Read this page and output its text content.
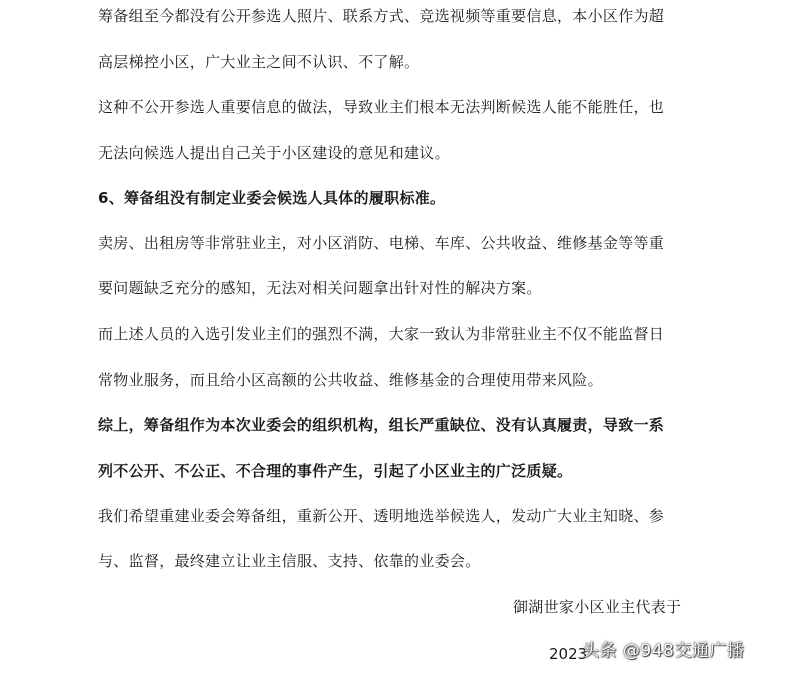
筹备组至今都没有公开参选人照片、联系方式、竞选视频等重要信息，本小区作为超
高层梯控小区，广大业主之间不认识、不了解。
这种不公开参选人重要信息的做法，导致业主们根本无法判断候选人能不能胜任，也
无法向候选人提出自己关于小区建设的意见和建议。
6、筹备组没有制定业委会候选人具体的履职标准。
卖房、出租房等非常驻业主，对小区消防、电梯、车库、公共收益、维修基金等等重
要问题缺乏充分的感知，无法对相关问题拿出针对性的解决方案。
而上述人员的入选引发业主们的强烈不满，大家一致认为非常驻业主不仅不能监督日
常物业服务，而且给小区高额的公共收益、维修基金的合理使用带来风险。
综上，筹备组作为本次业委会的组织机构，组长严重缺位、没有认真履责，导致一系
列不公开、不公正、不合理的事件产生，引起了小区业主的广泛质疑。
我们希望重建业委会筹备组，重新公开、透明地选举候选人，发动广大业主知晓、参
与、监督，最终建立让业主信服、支持、依靠的业委会。
御湖世家小区业主代表于
2023
头条 @948交通广播
